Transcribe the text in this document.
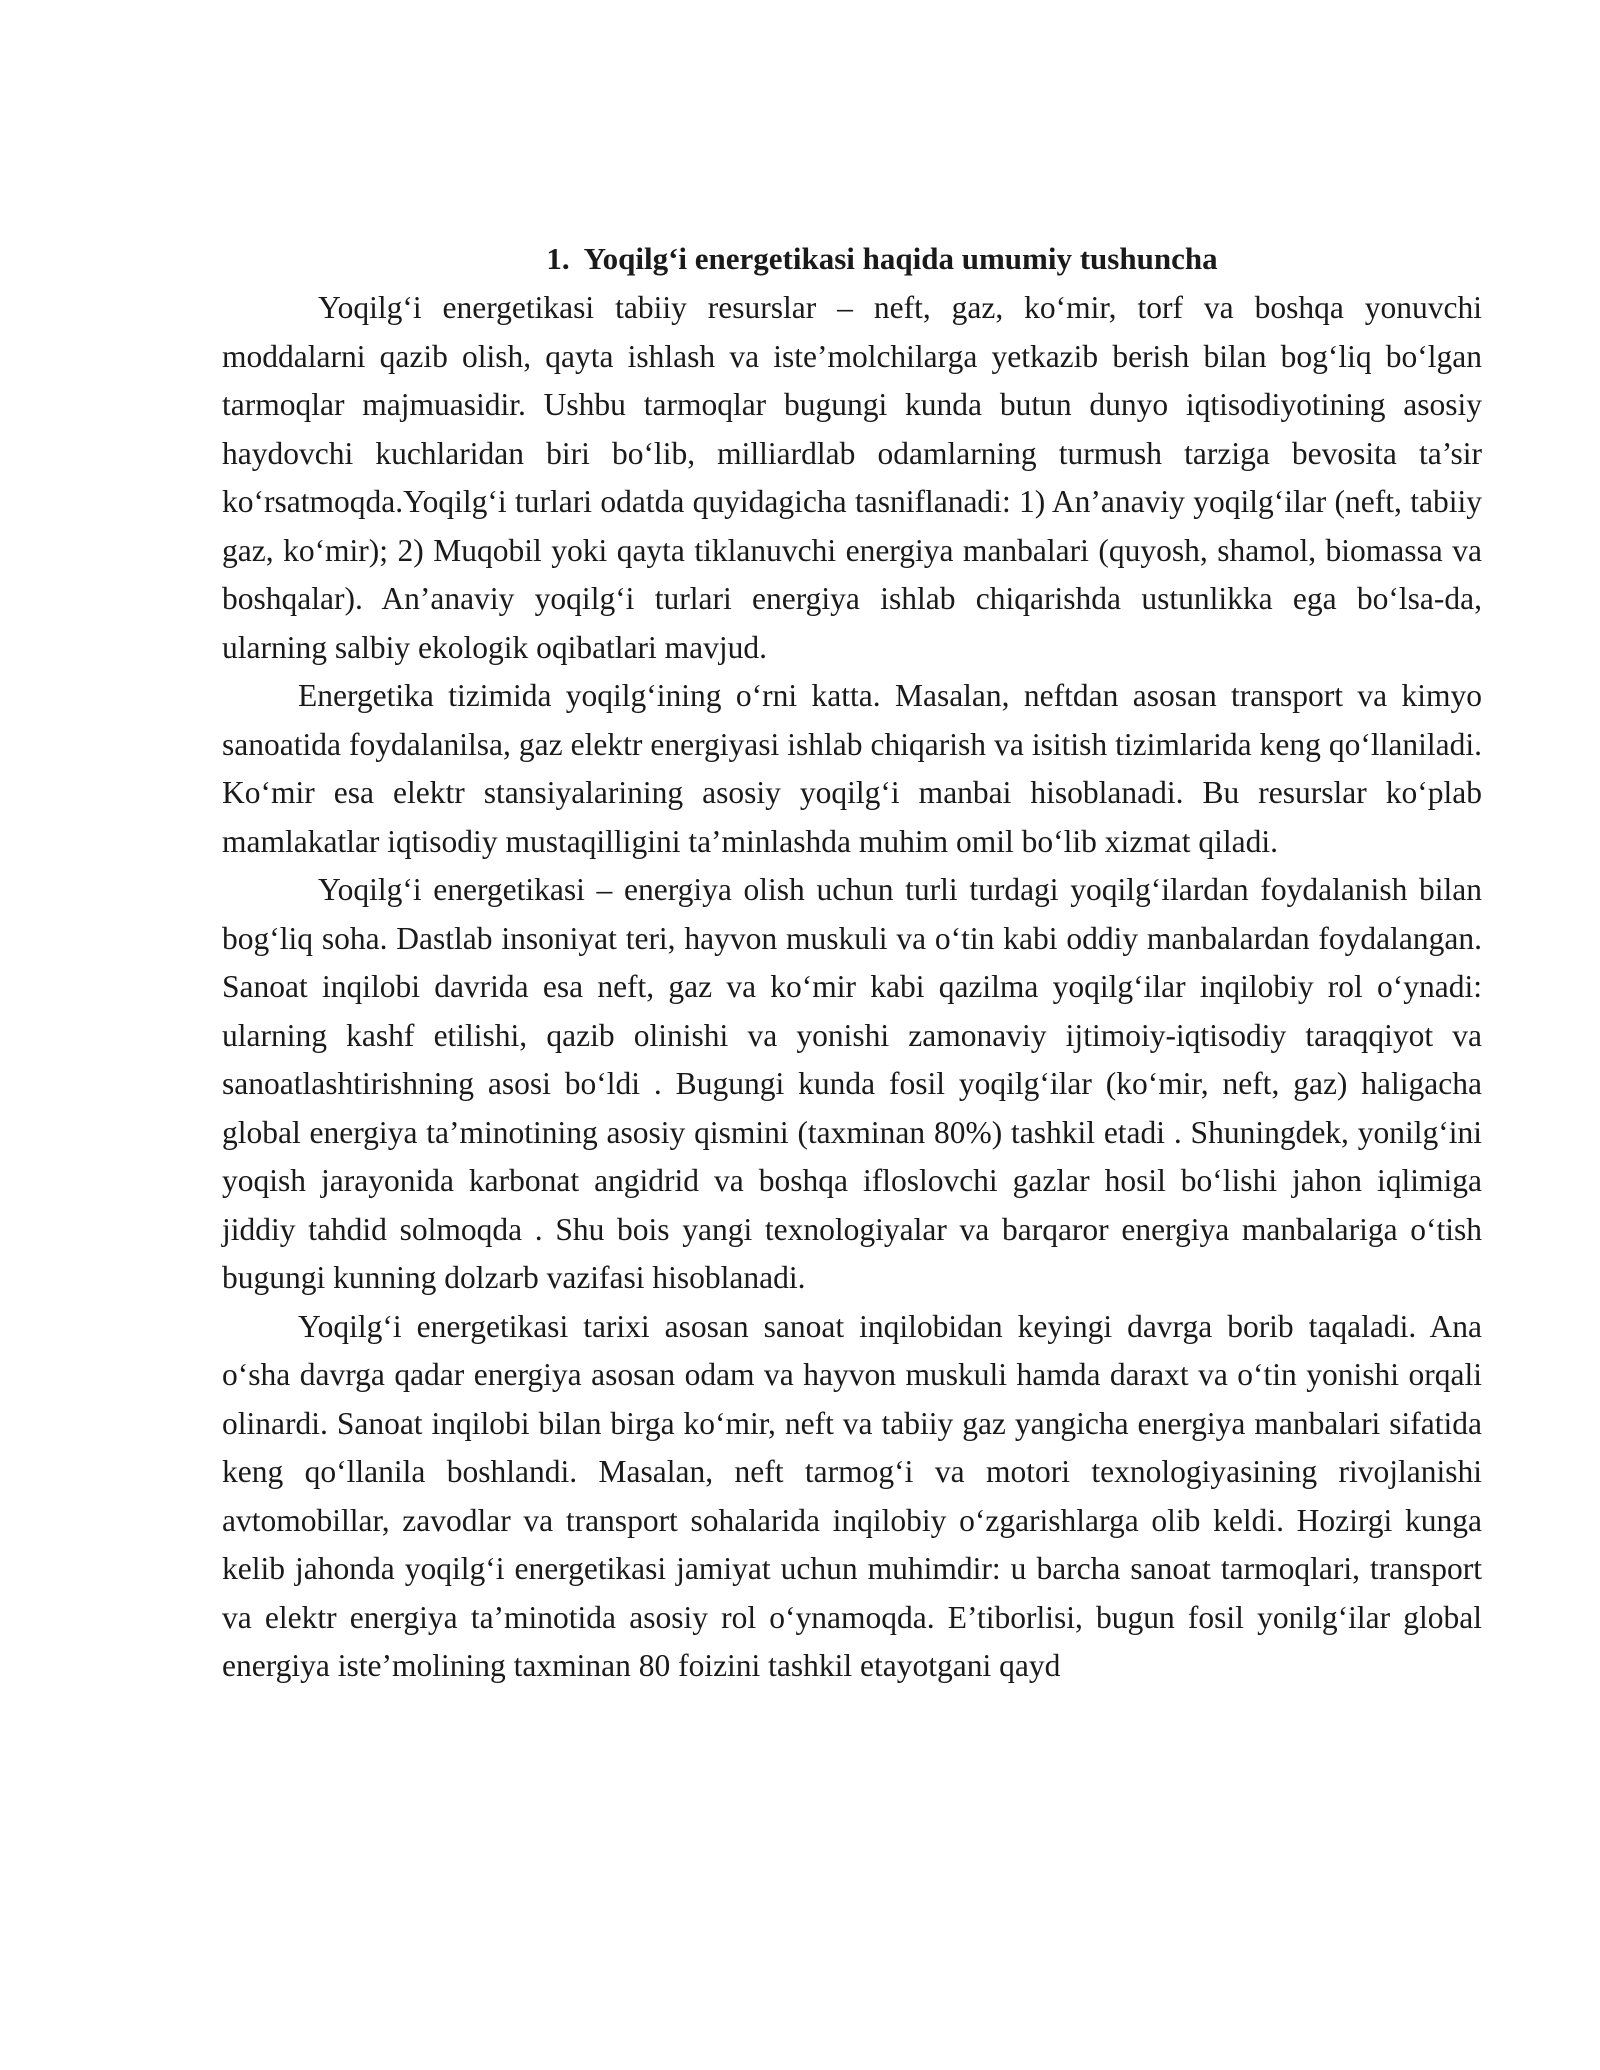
1. Yoqilg‘i energetikasi haqida umumiy tushuncha

Yoqilg‘i energetikasi tabiiy resurslar – neft, gaz, ko‘mir, torf va boshqa yonuvchi moddalarni qazib olish, qayta ishlash va iste’molchilarga yetkazib berish bilan bog‘liq bo‘lgan tarmoqlar majmuasidir. Ushbu tarmoqlar bugungi kunda butun dunyo iqtisodiyotining asosiy haydovchi kuchlaridan biri bo‘lib, milliardlab odamlarning turmush tarziga bevosita ta’sir ko‘rsatmoqda.Yoqilg‘i turlari odatda quyidagicha tasniflanadi: 1) An’anaviy yoqilg‘ilar (neft, tabiiy gaz, ko‘mir); 2) Muqobil yoki qayta tiklanuvchi energiya manbalari (quyosh, shamol, biomassa va boshqalar). An’anaviy yoqilg‘i turlari energiya ishlab chiqarishda ustunlikka ega bo‘lsa-da, ularning salbiy ekologik oqibatlari mavjud.

Energetika tizimida yoqilg‘ining o‘rni katta. Masalan, neftdan asosan transport va kimyo sanoatida foydalanilsa, gaz elektr energiyasi ishlab chiqarish va isitish tizimlarida keng qo‘llaniladi. Ko‘mir esa elektr stansiyalarining asosiy yoqilg‘i manbai hisoblanadi. Bu resurslar ko‘plab mamlakatlar iqtisodiy mustaqilligini ta’minlashda muhim omil bo‘lib xizmat qiladi.

Yoqilg‘i energetikasi – energiya olish uchun turli turdagi yoqilg‘ilardan foydalanish bilan bog‘liq soha. Dastlab insoniyat teri, hayvon muskuli va o‘tin kabi oddiy manbalardan foydalangan. Sanoat inqilobi davrida esa neft, gaz va ko‘mir kabi qazilma yoqilg‘ilar inqilobiy rol o‘ynadi: ularning kashf etilishi, qazib olinishi va yonishi zamonaviy ijtimoiy-iqtisodiy taraqqiyot va sanoatlashtirishning asosi bo‘ldi . Bugungi kunda fosil yoqilg‘ilar (ko‘mir, neft, gaz) haligacha global energiya ta’minotining asosiy qismini (taxminan 80%) tashkil etadi . Shuningdek, yonilg‘ini yoqish jarayonida karbonat angidrid va boshqa ifloslovchi gazlar hosil bo‘lishi jahon iqlimiga jiddiy tahdid solmoqda . Shu bois yangi texnologiyalar va barqaror energiya manbalariga o‘tish bugungi kunning dolzarb vazifasi hisoblanadi.

Yoqilg‘i energetikasi tarixi asosan sanoat inqilobidan keyingi davrga borib taqaladi. Ana o‘sha davrga qadar energiya asosan odam va hayvon muskuli hamda daraxt va o‘tin yonishi orqali olinardi. Sanoat inqilobi bilan birga ko‘mir, neft va tabiiy gaz yangicha energiya manbalari sifatida keng qo‘llanila boshlandi. Masalan, neft tarmog‘i va motori texnologiyasining rivojlanishi avtomobillar, zavodlar va transport sohalarida inqilobiy o‘zgarishlarga olib keldi. Hozirgi kunga kelib jahonda yoqilg‘i energetikasi jamiyat uchun muhimdir: u barcha sanoat tarmoqlari, transport va elektr energiya ta’minotida asosiy rol o‘ynamoqda. E’tiborlisi, bugun fosil yonilg‘ilar global energiya iste’molining taxminan 80 foizini tashkil etayotgani qayd
